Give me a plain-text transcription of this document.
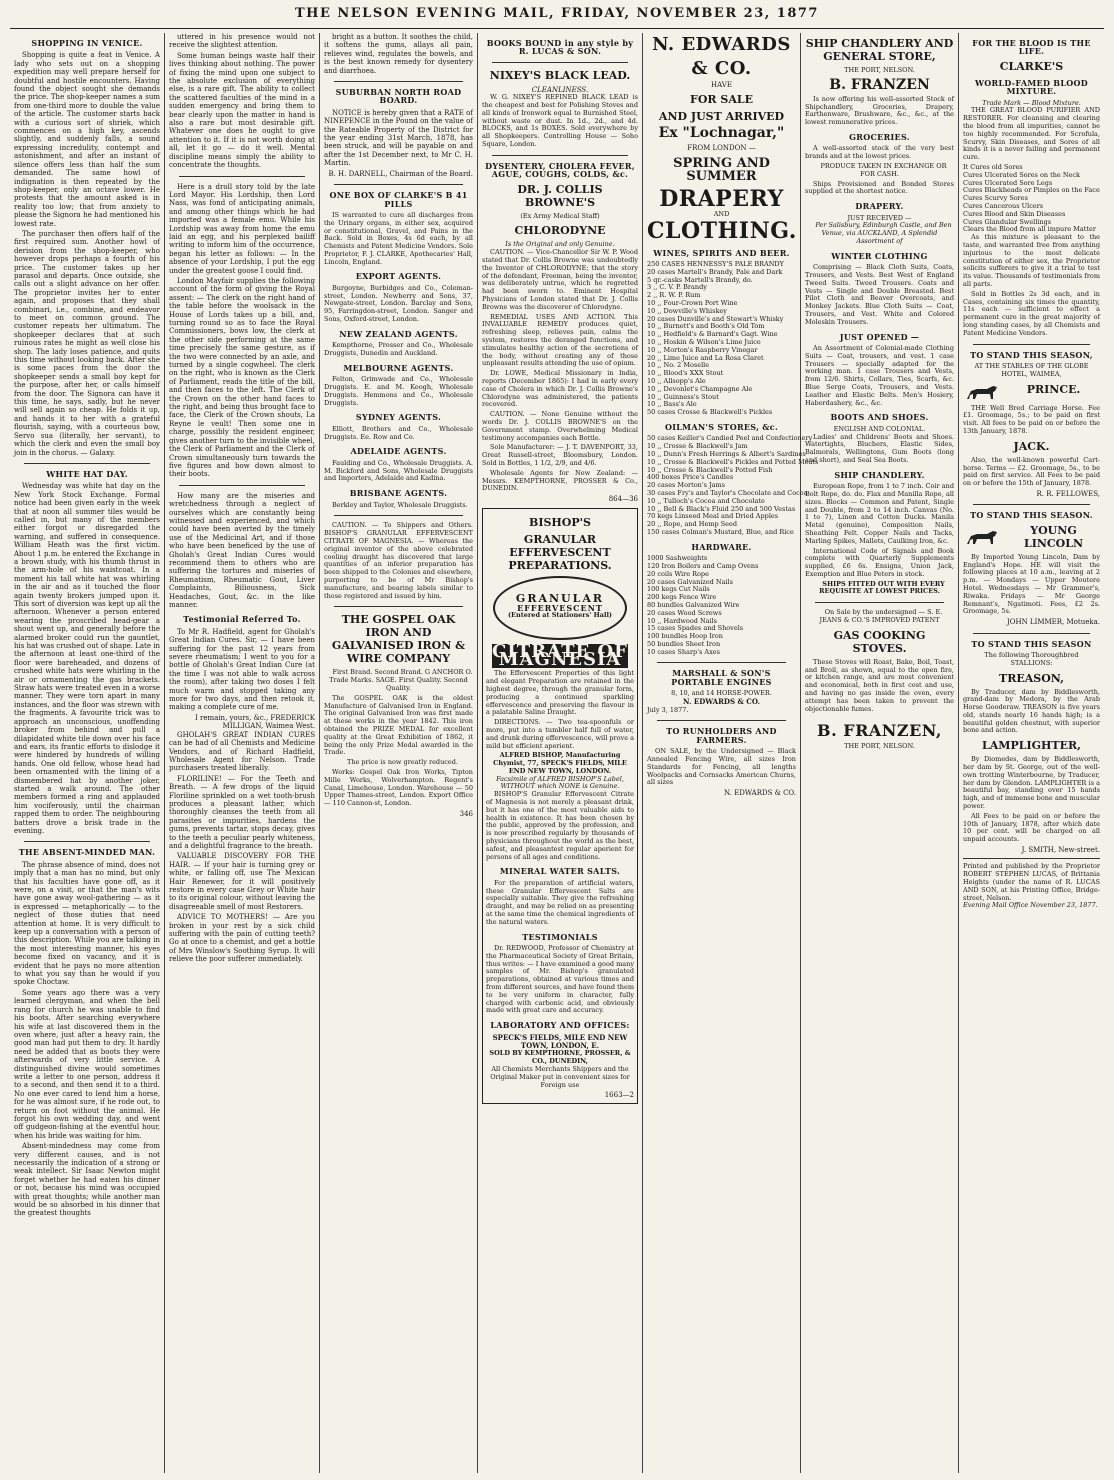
THE NELSON EVENING MAIL, FRIDAY, NOVEMBER 23, 1877
SHOPPING IN VENICE.

Shopping is quite a feat in Venice. A lady who sets out on a shopping expedition may well prepare herself for doubtful and hostile encounters. Having found the object sought she demands the price. The shop-keeper names a sum from one-third more to double the value of the article. The customer starts back with a curious sort of shriek, which commences on a high key, ascends slightly, and suddenly falls, a sound expressing incredulity, contempt and astonishment, and after an instant of silence offers less than half the sum demanded. The same howl of indignation is then repeated by the shop-keeper, only an octave lower. He protests that the amount asked is in reality too low; that from anxiety to please the Signora he had mentioned his lowest rate.

The purchaser then offers half of the first required sum. Another howl of derision from the shop-keeper, who however drops perhaps a fourth of his price. The customer takes up her parasol and departs. Once outside, she calls out a slight advance on her offer. The proprietor invites her to enter again, and proposes that they shall combinari, i.e., combine, and endeavor to meet on common ground. The customer repeats her ultimatum. The shopkeeper declares that at such ruinous rates he might as well close his shop. The lady loses patience, and quits this time without looking back. After she is some paces from the door the shopkeeper sends a small boy kept for the purpose, after her, or calls himself from the door. The Signora can have it this time, he says, sadly, but he never will sell again so cheap. He folds it up, and hands it to her with a grateful flourish, saying, with a courteous bow, Servo sua (literally, her servant), to which the clerk and even the small boy join in the chorus. — Galaxy.

WHITE HAT DAY.

Wednesday was white hat day on the New York Stock Exchange. Formal notice had been given early in the week that at noon all summer tiles would be called in, but many of the members either forgot or disregarded the warning, and suffered in consequence. William Heath was the first victim. About 1 p.m. he entered the Exchange in a brown study, with his thumb thrust in the arm-hole of his waistcoat. In a moment his tall white hat was whirling in the air and as it touched the floor again twenty brokers jumped upon it. This sort of diversion was kept up all the afternoon. Whenever a person entered wearing the proscribed head-gear a shout went up, and generally before the alarmed broker could run the gauntlet, his hat was crushed out of shape. Late in the afternoon at least one-third of the floor were bareheaded, and dozens of crushed white hats were whirling in the air or ornamenting the gas brackets. Straw hats were treated even in a worse manner. They were torn apart in many instances, and the floor was strewn with the fragments. A favourite trick was to approach an unconscious, unoffending broker from behind and pull a dilapidated white tile down over his face and ears, its frantic efforts to dislodge it were hindered by hundreds of willing hands. One old fellow, whose head had been ornamented with the lining of a dismembered hat by another joker, started a walk around. The other members formed a ring and applauded him vociferously, until the chairman rapped them to order. The neighbouring batters drove a brisk trade in the evening.

THE ABSENT-MINDED MAN.

The phrase absence of mind, does not imply that a man has no mind, but only that his faculties have gone off, as it were, on a visit, or that the man's wits have gone away wool-gathering — as it is expressed — metaphorically — to the neglect of those duties that need attention at home. It is very difficult to keep up a conversation with a person of this description. While you are talking in the most interesting manner, his eyes become fixed on vacancy, and it is evident that he pays no more attention to what you say than he would if you spoke Choctaw.

Some years ago there was a very learned clergyman, and when the bell rang for church he was unable to find his boots. After searching everywhere his wife at last discovered them in the oven where, just after a heavy rain, the good man had put them to dry. It hardly need be added that as boots they were afterwards of very little service. A distinguished divine would sometimes write a letter to one person, address it to a second, and then send it to a third. No one ever cared to lend him a horse, for he was almost sure, if he rode out, to return on foot without the animal. He forgot his own wedding day, and went off gudgeon-fishing at the eventful hour, when his bride was waiting for him.

Absent-mindedness may come from very different causes, and is not necessarily the indication of a strong or weak intellect. Sir Isaac Newton might forget whether he had eaten his dinner or not, because his mind was occupied with great thoughts; while another man would be so absorbed in his dinner that the greatest thoughts

uttered in his presence would not receive the slightest attention.

Some human beings waste half their lives thinking about nothing. The power of fixing the mind upon one subject to the absolute exclusion of everything else, is a rare gift. The ability to collect the scattered faculties of the mind in a sudden emergency and bring them to bear clearly upon the matter in hand is also a rare but most desirable gift. Whatever one does he ought to give attention to it. If it is not worth doing at all, let it go — do it well. Mental discipline means simply the ability to concentrate the thoughts.

Here is a droll story told by the late Lord Mayor. His Lordship, then Lord Nass, was fond of anticipating animals, and among other things which he had imported was a female emu. While his Lordship was away from home the emu laid an egg, and his perplexed bailiff writing to inform him of the occurrence, began his letter as follows: — In the absence of your Lordship, I put the egg under the greatest goose I could find.

London Mayfair supplies the following account of the form of giving the Royal assent: — The clerk on the right hand of the table before the woolsack in the House of Lords takes up a bill, and, turning round so as to face the Royal Commissioners, bows low, the clerk at the other side performing at the same time precisely the same gesture, as if the two were connected by an axle, and turned by a single cogwheel. The clerk on the right, who is known as the Clerk of Parliament, reads the title of the bill, and then faces to the left. The Clerk of the Crown on the other hand faces to the right, and being thus brought face to face, the Clerk of the Crown shouts, La Reyne le veult! Then some one in charge, possibly the resident engineer, gives another turn to the invisible wheel, the Clerk of Parliament and the Clerk of Crown simultaneously turn towards the five figures and bow down almost to their boots.

How many are the miseries and wretchedness through a neglect of ourselves which are constantly being witnessed and experienced, and which could have been averted by the timely use of the Medicinal Art, and if those who have been beneficed by the use of Gholah's Great Indian Cures would recommend them to others who are suffering the tortures and miseries of Rheumatism, Rheumatic Gout, Liver Complaints, Biliousness, Sick Headaches, Gout, &c. in the like manner.

Testimonial Referred To.

To Mr R. Hadfield, agent for Gholah's Great Indian Cures. Sir, — I have been suffering for the past 12 years from severe rheumatism; I went to you for a bottle of Gholah's Great Indian Cure (at the time I was not able to walk across the room), after taking two doses I felt much warm and stopped taking any more for two days, and then retook it, making a complete cure of me.

I remain, yours, &c., FREDERICK MILLIGAN, Waimea West.

GHOLAH'S GREAT INDIAN CURES can be had of all Chemists and Medicine Vendors, and of Richard Hadfield, Wholesale Agent for Nelson. Trade purchasers treated liberally.

FLORILINE! — For the Teeth and Breath. — A few drops of the liquid Floriline sprinkled on a wet tooth-brush produces a pleasant lather, which thoroughly cleanses the teeth from all parasites or impurities, hardens the gums, prevents tartar, stops decay, gives to the teeth a peculiar pearly whiteness, and a delightful fragrance to the breath.

VALUABLE DISCOVERY FOR THE HAIR. — If your hair is turning grey or white, or falling off, use The Mexican Hair Renewer, for it will positively restore in every case Grey or White hair to its original colour, without leaving the disagreeable smell of most Restorers.

ADVICE TO MOTHERS! — Are you broken in your rest by a sick child suffering with the pain of cutting teeth? Go at once to a chemist, and get a bottle of Mrs Winslow's Soothing Syrup. It will relieve the poor sufferer immediately.

bright as a button. It soothes the child, it softens the gums, allays all pain, relieves wind, regulates the bowels, and is the best known remedy for dysentery and diarrhoea.

SUBURBAN NORTH ROAD BOARD.

NOTICE is hereby given that a RATE of NINEPENCE in the Pound on the value of the Rateable Property of the District for the year ending 31st March, 1878, has been struck, and will be payable on and after the 1st December next, to Mr C. H. Martin.

B. H. DARNELL, Chairman of the Board.
ONE BOX OF CLARKE'S B 41 PILLS

IS warranted to cure all discharges from the Urinary organs, in either sex, acquired or constitutional, Gravel, and Pains in the Back. Sold in Boxes, 4s 6d each, by all Chemists and Patent Medicine Vendors. Sole Proprietor, F. J. CLARKE, Apothecaries' Hall, Lincoln, England.

EXPORT AGENTS.

Burgoyne, Burbidges and Co., Coleman-street, London. Newberry and Sons, 37, Newgate-street, London. Barclay and Sons, 95, Farringdon-street, London. Sanger and Sons, Oxford-street, London.

NEW ZEALAND AGENTS.

Kempthorne, Prosser and Co., Wholesale Druggists, Dunedin and Auckland.

MELBOURNE AGENTS.

Felton, Grimwade and Co., Wholesale Druggists. E. and M. Keogh, Wholesale Druggists. Hemmons and Co., Wholesale Druggists.

SYDNEY AGENTS.

Elliott, Brothers and Co., Wholesale Druggists. Ee. Row and Co.

ADELAIDE AGENTS.

Faulding and Co., Wholesale Druggists. A. M. Bickford and Sons, Wholesale Druggists and Importers, Adelaide and Kadina.

BRISBANE AGENTS.

Berkley and Taylor, Wholesale Druggists.

CAUTION. — To Shippers and Others. BISHOP'S GRANULAR EFFERVESCENT CITRATE OF MAGNESIA. — Whereas the original inventor of the above celebrated cooling draught has discovered that large quantities of an inferior preparation has been shipped to the Colonies and elsewhere, purporting to be of Mr Bishop's manufacture, and bearing labels similar to those registered and issued by him.

THE GOSPEL OAK IRON AND GALVANISED IRON & WIRE COMPANY

First Brand. Second Brand. G ANCHOR O. Trade Marks. SAGE. First Quality. Second Quality.

The GOSPEL OAK is the oldest Manufacture of Galvanised Iron in England. The original Galvanised Iron was first made at these works in the year 1842. This iron obtained the PRIZE MEDAL for excellent quality at the Great Exhibition of 1862, it being the only Prize Medal awarded in the Trade.

The price is now greatly reduced.

Works: Gospel Oak Iron Works, Tipton Mille Works, Wolverhampton. Regent's Canal, Limehouse, London. Warehouse — 50 Upper Thames-street, London. Export Office — 110 Cannon-st, London.

346
BOOKS BOUND in any style by R. LUCAS & SON.
NIXEY'S BLACK LEAD.
CLEANLINESS.

W. G. NIXEY'S REFINED BLACK LEAD is the cheapest and best for Polishing Stoves and all kinds of Ironwork equal to Burnished Steel, without waste or dust. In 1d., 2d., and 4d. BLOCKS, and 1s BOXES. Sold everywhere by all Shopkeepers. Controlling House — Soho Square, London.

DYSENTERY, CHOLERA FEVER, AGUE, COUGHS, COLDS, &c.
DR. J. COLLIS BROWNE'S
(Ex Army Medical Staff)
CHLORODYNE
Is the Original and only Genuine.

CAUTION. — Vice-Chancellor Sir W. P. Wood stated that Dr. Collis Browne was undoubtedly the Inventor of CHLORODYNE; that the story of the defendant, Freeman, being the inventor, was deliberately untrue, which he regretted had been sworn to. Eminent Hospital Physicians of London stated that Dr. J. Collis Browne was the discoverer of Chlorodyne.

REMEDIAL USES AND ACTION. This INVALUABLE REMEDY produces quiet, refreshing sleep, relieves pain, calms the system, restores the deranged functions, and stimulates healthy action of the secretions of the body, without creating any of those unpleasant results attending the use of opium.

Dr. LOWE, Medical Missionary in India, reports (December 1865): I had in early every case of Cholera in which Dr. J. Collis Browne's Chlorodyne was administered, the patients recovered.

CAUTION. — None Genuine without the words Dr. J. COLLIS BROWNE'S on the Government stamp. Overwhelming Medical testimony accompanies each Bottle.

Sole Manufacturer: — J. T. DAVENPORT, 33, Great Russell-street, Bloomsbury, London. Sold in Bottles, 1 1/2, 2/9, and 4/6.

Wholesale Agents for New Zealand: — Messrs. KEMPTHORNE, PROSSER & Co., DUNEDIN.

864—36
BISHOP'S
GRANULAR EFFERVESCENT PREPARATIONS.
GRANULAR
EFFERVESCENT
(Entered at Stationers' Hall)
CITRATE OF MAGNESIA

The Effervescent Properties of this light and elegant Preparation are retained in the highest degree, through the granular form, producing a continued sparkling effervescence and preserving the flavour in a palatable Saline Draught.

DIRECTIONS. — Two tea-spoonfuls or more, put into a tumbler half full of water, and drunk during effervescence, will prove a mild but efficient aperient.

ALFRED BISHOP, Manufacturing Chymist, 77, SPECK'S FIELDS, MILE END NEW TOWN, LONDON.
Facsimile of ALFRED BISHOP'S Label, WITHOUT which NONE is Genuine.

BISHOP'S Granular Effervescent Citrate of Magnesia is not merely a pleasant drink, but it has one of the most valuable aids to health in existence. It has been chosen by the public, approved by the profession, and is now prescribed regularly by thousands of physicians throughout the world as the best, safest, and pleasantest regular aperient for persons of all ages and conditions.

MINERAL WATER SALTS.

For the preparation of artificial waters, these Granular Effervescent Salts are especially suitable. They give the refreshing draught, and may be relied on as presenting at the same time the chemical ingredients of the natural waters.

TESTIMONIALS

Dr. REDWOOD, Professor of Chemistry at the Pharmaceutical Society of Great Britain, thus writes: — I have examined a good many samples of Mr. Bishop's granulated preparations, obtained at various times and from different sources, and have found them to be very uniform in character, fully charged with carbonic acid, and obviously made with great care and accuracy.

LABORATORY AND OFFICES:
SPECK'S FIELDS, MILE END NEW TOWN, LONDON, E.
SOLD BY KEMPTHORNE, PROSSER, & CO., DUNEDIN,
All Chemists Merchants Shippers and the Original Maker put in convenient sizes for Foreign use
1663—2
N. EDWARDS & CO.
HAVE
FOR SALE
AND JUST ARRIVED
Ex "Lochnagar,"
FROM LONDON —
SPRING AND SUMMER
DRAPERY
AND
CLOTHING.
WINES, SPIRITS AND BEER.
250 CASES HENNESSY'S PALE BRANDY
20 cases Martell's Brandy, Pale and Dark
5 qr.-casks Martell's Brandy, do.
3 ,, C. V. P. Brandy
2 ,, R. W. P. Rum
10 ,, Four-Crown Port Wine
10 ,, Dowville's Whiskey
20 cases Dunville's and Stewart's Whisky
10 ,, Burnett's and Booth's Old Tom
10 ,, Hedfield's & Barnard's Gagt. Wine
10 ,, Hoskin & Wilson's Lime Juice
10 ,, Morton's Raspberry Vinegar
20 ,, Lime Juice and La Rosa Claret
10 ,, No. 2 Moselle
10 ,, Blood's XXX Stout
10 ,, Allsopp's Ale
10 ,, Devonlet's Champagne Ale
10 ,, Guinness's Stout
10 ,, Bass's Ale
50 cases Crosse & Blackwell's Pickles
OILMAN'S STORES, &c.
50 cases Keiller's Candied Peel and Confectionery
10 ,, Crosse & Blackwell's Jam
10 ,, Dunn's Fresh Herrings & Albert's Sardines
10 ,, Crosse & Blackwell's Pickles and Potted Meats
10 ,, Crosse & Blackwell's Potted Fish
400 boxes Price's Candles
20 cases Morton's Jams
30 cases Fry's and Taylor's Chocolate and Cocoa
10 ,, Tulloch's Cocoa and Chocolate
10 ,, Bell & Black's Fluid 250 and 500 Vestas
70 kegs Linseed Meal and Dried Apples
20 ,, Rope, and Hemp Seed
150 cases Colman's Mustard, Blue, and Rice
HARDWARE.
1000 Sashweights
120 Iron Boilers and Camp Ovens
20 coils Wire Rope
20 cases Galvanized Nails
100 kegs Cut Nails
200 kegs Fence Wire
80 bundles Galvanized Wire
20 cases Wood Screws
10 ,, Hardwood Nails
15 cases Spades and Shovels
100 bundles Hoop Iron
50 bundles Sheet Iron
10 cases Sharp's Axes
MARSHALL & SON'S PORTABLE ENGINES
8, 10, and 14 HORSE-POWER.
N. EDWARDS & CO.
July 3, 1877.
TO RUNHOLDERS AND FARMERS.

ON SALE, by the Undersigned — Black Annealed Fencing Wire, all sizes Iron Standards for Fencing, all lengths Woolpacks and Cornsacks American Churns, all sizes

N. EDWARDS & CO.
SHIP CHANDLERY AND GENERAL STORE,
THE PORT, NELSON.
B. FRANZEN

Is now offering his well-assorted Stock of Shipchandlery, Groceries, Drapery, Earthenware, Brushware, &c., &c., at the lowest remunerative prices.

GROCERIES.

A well-assorted stock of the very best brands and at the lowest prices.

PRODUCE TAKEN IN EXCHANGE OR FOR CASH.

Ships Provisioned and Bonded Stores supplied at the shortest notice.

DRAPERY.
JUST RECEIVED —

Per Salisbury, Edinburgh Castle, and Ben Venue, via AUCKLAND, A Splendid Assortment of

WINTER CLOTHING

Comprising — Black Cloth Suits, Coats, Trousers, and Vests. Best West of England Tweed Suits. Tweed Trousers. Coats and Vests — Single and Double Breasted. Best Pilot Cloth and Beaver Overcoats, and Monkey Jackets. Blue Cloth Suits — Coat, Trousers, and Vest. White and Colored Moleskin Trousers.

JUST OPENED —

An Assortment of Colonial-made Clothing Suits — Coat, trousers, and vest. 1 case Trousers — specially adapted for the working man. 1 case Trousers and Vests, from 12/6. Shirts, Collars, Ties, Scarfs, &c. Blue Serge Coats, Trousers, and Vests. Leather and Elastic Belts. Men's Hosiery, Haberdashery, &c., &c.

BOOTS AND SHOES.
ENGLISH AND COLONIAL.

Ladies' and Childrens' Boots and Shoes. Watertights, Bluchers, Elastic Sides, Balmorals, Wellingtons, Gum Boots (long and short), and Seal Sea Boots.

SHIP CHANDLERY.

European Rope, from 1 to 7 inch. Coir and Bolt Rope, do. do. Flax and Manilla Rope, all sizes. Blocks — Common and Patent, Single and Double, from 2 to 14 inch. Canvas (No. 1 to 7), Linen and Cotton Ducks. Manila Metal (genuine), Composition Nails, Sheathing Felt. Copper Nails and Tacks, Marling Spikes, Mallets, Caulking Iron, &c.

International Code of Signals and Book complete with Quarterly Supplements supplied, £6 6s. Ensigns, Union Jack, Exemption and Blue Peters in stock.

SHIPS FITTED OUT WITH EVERY REQUISITE AT LOWEST PRICES.

On Sale by the undersigned — S. E. JEANS & CO.'S IMPROVED PATENT

GAS COOKING STOVES.

These Stoves will Roast, Bake, Boil, Toast, and Broil, as shown, equal to the open fire, or kitchen range, and are most convenient and economical, both in first cost and use, and having no gas inside the oven, every attempt has been taken to prevent the objectionable fumes.

B. FRANZEN,
THE PORT, NELSON.
FOR THE BLOOD IS THE LIFE.
CLARKE'S
WORLD-FAMED BLOOD MIXTURE.
Trade Mark — Blood Mixture.

THE GREAT BLOOD PURIFIER AND RESTORER. For cleansing and clearing the blood from all impurities, cannot be too highly recommended. For Scrofula, Scurvy, Skin Diseases, and Sores of all kinds it is a never failing and permanent cure.

It Cures old Sores
Cures Ulcerated Sores on the Neck
Cures Ulcerated Sore Legs
Cures Blackheads or Pimples on the Face
Cures Scurvy Sores
Cures Cancerous Ulcers
Cures Blood and Skin Diseases
Cures Glandular Swellings
Clears the Blood from all impure Matter

As this mixture is pleasant to the taste, and warranted free from anything injurious to the most delicate constitution of either sex, the Proprietor solicits sufferers to give it a trial to test its value. Thousands of testimonials from all parts.

Sold in Bottles 2s 3d each, and in Cases, containing six times the quantity, 11s each — sufficient to effect a permanent cure in the great majority of long standing cases, by all Chemists and Patent Medicine Vendors.

TO STAND THIS SEASON,
AT THE STABLES OF THE GLOBE HOTEL, WAIMEA,
PRINCE.

THE Well Bred Carriage Horse. Fee £1. Groomage, 5s.; to be paid on first visit. All fees to be paid on or before the 13th January, 1878.

JACK.

Also, the well-known powerful Cart-horse. Terms — £2. Groomage, 5s., to be paid on first service. All Fees to be paid on or before the 15th of January, 1878.

R. R. FELLOWES,
TO STAND THIS SEASON.
YOUNG LINCOLN

By Imported Young Lincoln, Dam by England's Hope. HE will visit the following places at 10 a.m., leaving at 2 p.m. — Mondays — Upper Moutere Hotel. Wednesdays — Mr Grammer's, Riwaka. Fridays — Mr George Remnant's, Ngatimoti. Fees, £2 2s. Groomage, 5s.

JOHN LIMMER, Motueka.
TO STAND THIS SEASON
The following Thoroughbred STALLIONS:
TREASON,

By Traducer, dam by Biddlesworth, grand-dam by Medora, by the Arab Horse Gooderaw. TREASON is five years old, stands nearly 16 hands high; is a beautiful golden chestnut, with superior bone and action.

LAMPLIGHTER,

By Diomedes, dam by Biddlesworth, her dam by St. George, out of the well-own trotting Winterbourne, by Traducer, her dam by Glendon. LAMPLIGHTER is a beautiful bay, standing over 15 hands high, and of immense bone and muscular power.

All Fees to be paid on or before the 10th of January, 1878, after which date 10 per cent. will be charged on all unpaid accounts.

J. SMITH, New-street.
Printed and published by the Proprietor ROBERT STEPHEN LUCAS, of Brittania Heights (under the name of R. LUCAS AND SON, at his Printing Office, Bridge-street, Nelson.
Evening Mail Office November 23, 1877.
